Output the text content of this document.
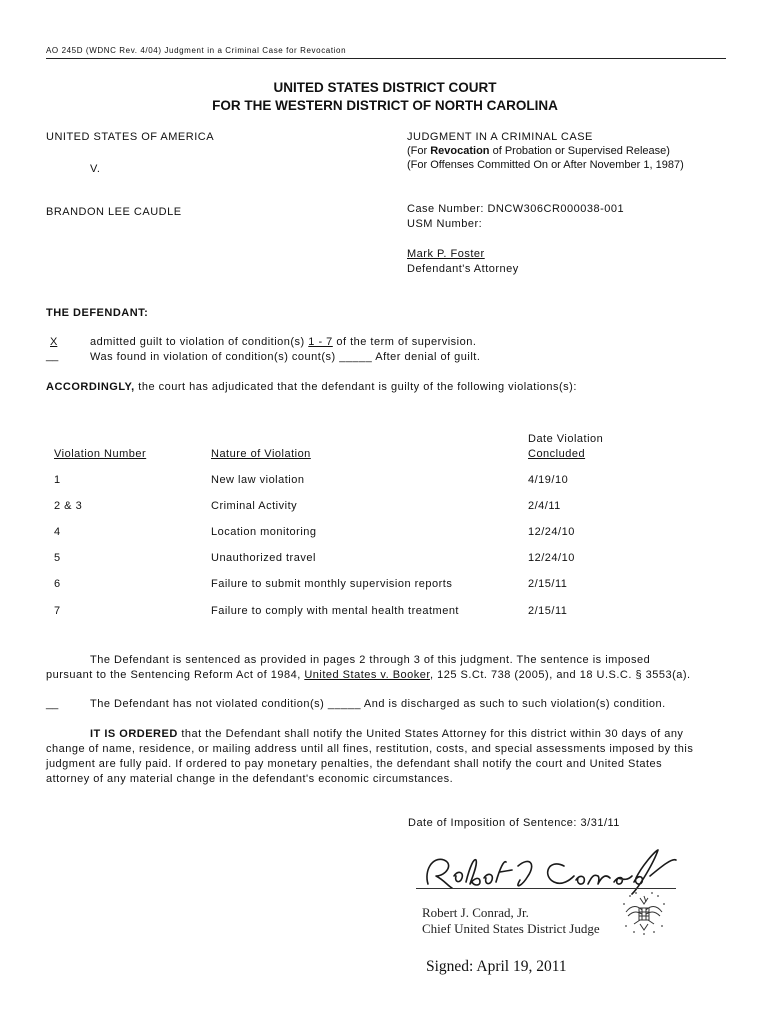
AO 245D (WDNC Rev. 4/04) Judgment in a Criminal Case for Revocation
UNITED STATES DISTRICT COURT
FOR THE WESTERN DISTRICT OF NORTH CAROLINA
UNITED STATES OF AMERICA
V.
BRANDON LEE CAUDLE
JUDGMENT IN A CRIMINAL CASE
(For Revocation of Probation or Supervised Release)
(For Offenses Committed On or After November 1, 1987)
Case Number: DNCW306CR000038-001
USM Number:
Mark P. Foster
Defendant's Attorney
THE DEFENDANT:
X	admitted guilt to violation of condition(s) 1 - 7 of the term of supervision.
__	Was found in violation of condition(s) count(s) _____ After denial of guilt.
ACCORDINGLY, the court has adjudicated that the defendant is guilty of the following violations(s):
Violation Number	Nature of Violation
Date Violation
Concluded
1	New law violation	4/19/10
2 & 3	Criminal Activity	2/4/11
4	Location monitoring	12/24/10
5	Unauthorized travel	12/24/10
6	Failure to submit monthly supervision reports	2/15/11
7	Failure to comply with mental health treatment	2/15/11
The Defendant is sentenced as provided in pages 2 through 3 of this judgment. The sentence is imposed
pursuant to the Sentencing Reform Act of 1984, United States v. Booker, 125 S.Ct. 738 (2005), and 18 U.S.C. § 3553(a).
__	The Defendant has not violated condition(s) _____ And is discharged as such to such violation(s) condition.
IT IS ORDERED that the Defendant shall notify the United States Attorney for this district within 30 days of any
change of name, residence, or mailing address until all fines, restitution, costs, and special assessments imposed by this
judgment are fully paid. If ordered to pay monetary penalties, the defendant shall notify the court and United States
attorney of any material change in the defendant's economic circumstances.
Date of Imposition of Sentence: 3/31/11
Robert J. Conrad, Jr.
Chief United States District Judge
Signed: April 19, 2011
